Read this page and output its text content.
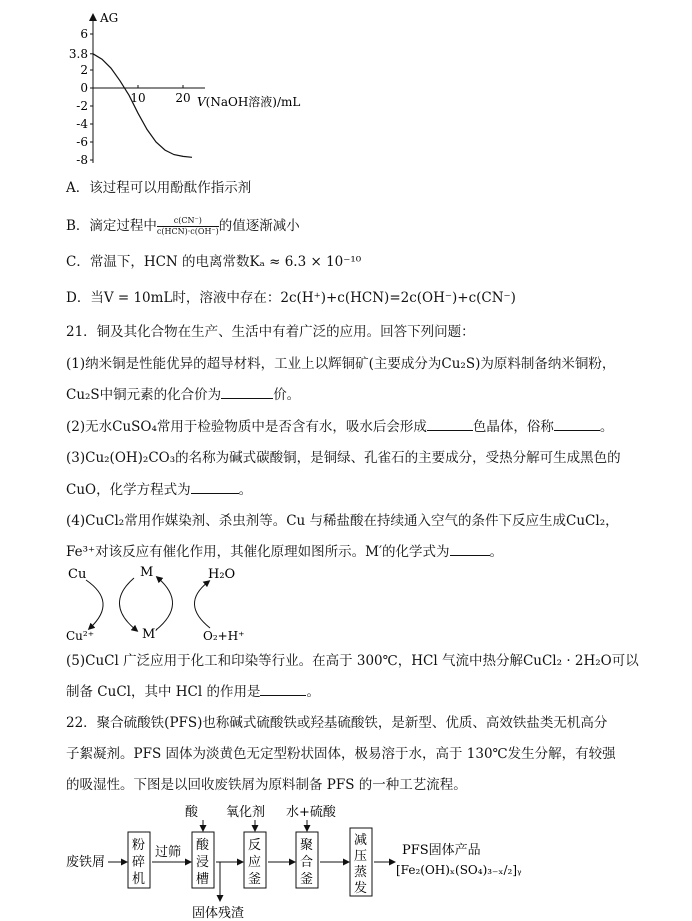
AG
6
3.8
2
0
-2
-4
-6
-8
10 20 V(NaOH溶液)/mL
A．该过程可以用酚酞作指示剂
B．滴定过程中 $\frac{c(CN^-)}{\text{c(HCN)·c(OH⁻)}}$ 的值逐渐减小
C．常温下，HCN 的电离常数Kₐ ≈ 6.3 × 10⁻¹⁰
D．当V = 10mL时，溶液中存在：2c(H⁺)+c(HCN)=2c(OH⁻)+c(CN⁻)
21．铜及其化合物在生产、生活中有着广泛的应用。回答下列问题：
(1)纳米铜是性能优异的超导材料，工业上以辉铜矿(主要成分为Cu₂S)为原料制备纳米铜粉，
Cu₂S中铜元素的化合价为	价。
(2)无水CuSO₄常用于检验物质中是否含有水，吸水后会形成	色晶体，俗称	。
(3)Cu₂(OH)₂CO₃的名称为碱式碳酸铜，是铜绿、孔雀石的主要成分，受热分解可生成黑色的
CuO，化学方程式为	。
(4)CuCl₂常用作媒染剂、杀虫剂等。Cu 与稀盐酸在持续通入空气的条件下反应生成CuCl₂，
Fe³⁺对该反应有催化作用，其催化原理如图所示。M′的化学式为	。
Cu	M	H₂O
Cu²⁺	M′	O₂+H⁺
(5)CuCl 广泛应用于化工和印染等行业。在高于 300℃，HCl 气流中热分解CuCl₂ · 2H₂O可以
制备 CuCl，其中 HCl 的作用是	。
22．聚合硫酸铁(PFS)也称碱式硫酸铁或羟基硫酸铁，是新型、优质、高效铁盐类无机高分
子絮凝剂。PFS 固体为淡黄色无定型粉状固体，极易溶于水，高于 130℃发生分解，有较强
的吸湿性。下图是以回收废铁屑为原料制备 PFS 的一种工艺流程。
废铁屑
粉
碎
机
过筛
酸
酸
浸
槽
固体残渣
氧化剂
反
应
釜
水+硫酸
聚
合
釜
减
压
蒸
发
PFS固体产品
[Fe₂(OH)ₓ(SO₄)₃₋ₓ/₂]ᵧ
